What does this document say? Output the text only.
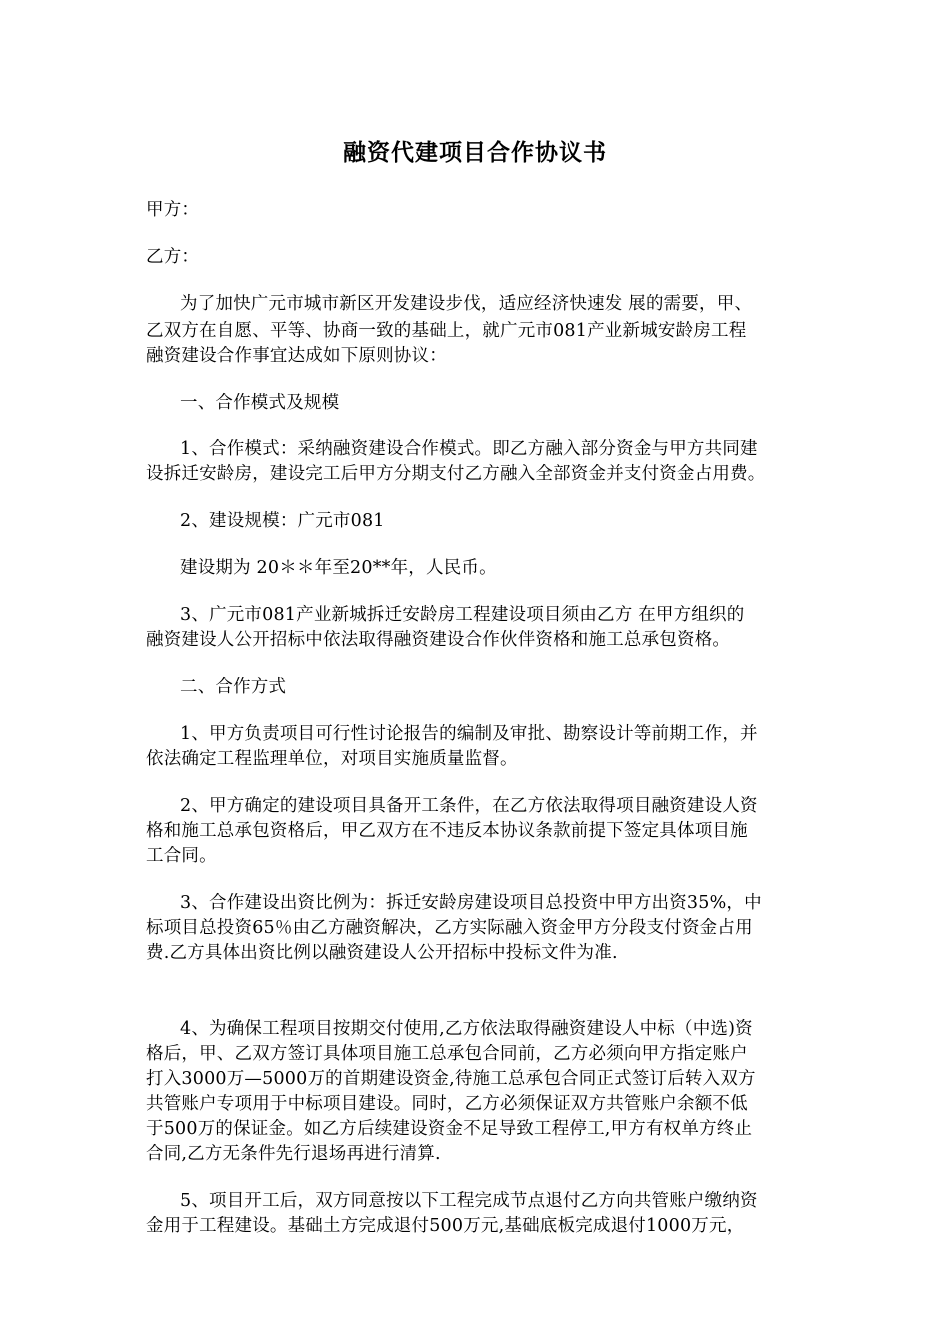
融资代建项目合作协议书
甲方：
乙方：
为了加快广元市城市新区开发建设步伐，适应经济快速发 展的需要，甲、
乙双方在自愿、平等、协商一致的基础上，就广元市081产业新城安龄房工程
融资建设合作事宜达成如下原则协议：
一、合作模式及规模
1、合作模式：采纳融资建设合作模式。即乙方融入部分资金与甲方共同建
设拆迁安龄房，建设完工后甲方分期支付乙方融入全部资金并支付资金占用费。
2、建设规模：广元市081
建设期为 20＊＊年至20**年，人民币。
3、广元市081产业新城拆迁安龄房工程建设项目须由乙方 在甲方组织的
融资建设人公开招标中依法取得融资建设合作伙伴资格和施工总承包资格。
二、合作方式
1、甲方负责项目可行性讨论报告的编制及审批、勘察设计等前期工作，并
依法确定工程监理单位，对项目实施质量监督。
2、甲方确定的建设项目具备开工条件，在乙方依法取得项目融资建设人资
格和施工总承包资格后，甲乙双方在不违反本协议条款前提下签定具体项目施
工合同。
3、合作建设出资比例为：拆迁安龄房建设项目总投资中甲方出资35%，中
标项目总投资65％由乙方融资解决，乙方实际融入资金甲方分段支付资金占用
费.乙方具体出资比例以融资建设人公开招标中投标文件为准.
4、为确保工程项目按期交付使用,乙方依法取得融资建设人中标（中选)资
格后，甲、乙双方签订具体项目施工总承包合同前，乙方必须向甲方指定账户
打入3000万—5000万的首期建设资金,待施工总承包合同正式签订后转入双方
共管账户专项用于中标项目建设。同时，乙方必须保证双方共管账户余额不低
于500万的保证金。如乙方后续建设资金不足导致工程停工,甲方有权单方终止
合同,乙方无条件先行退场再进行清算.
5、项目开工后，双方同意按以下工程完成节点退付乙方向共管账户缴纳资
金用于工程建设。基础土方完成退付500万元,基础底板完成退付1000万元，
